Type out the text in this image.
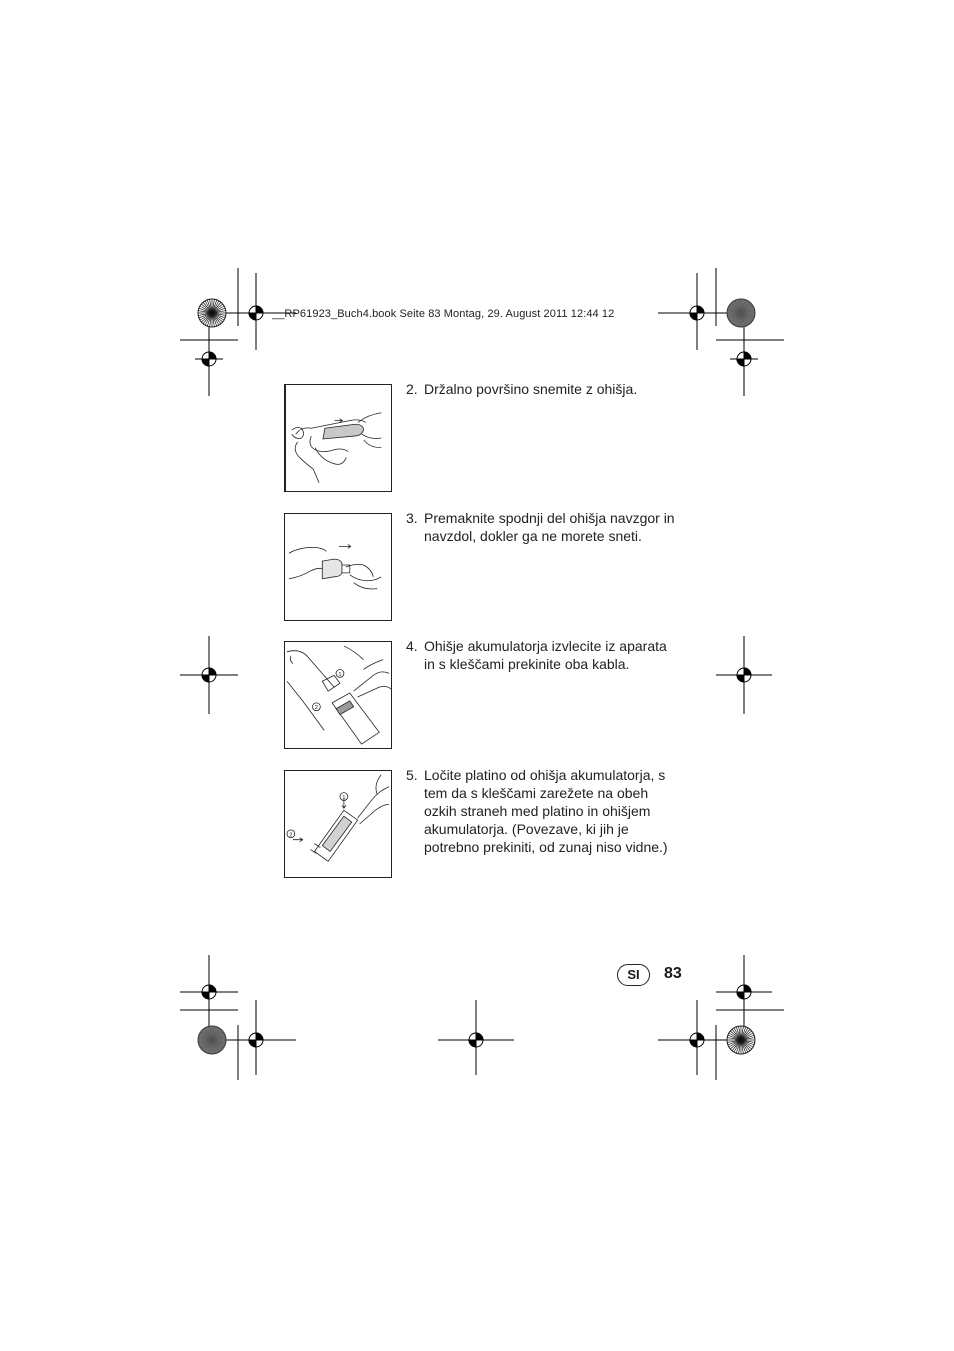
__RP61923_Buch4.book Seite 83 Montag, 29. August 2011 12:44 12
2. Držalno površino snemite z ohišja.
3. Premaknite spodnji del ohišja navzgor in
navzdol, dokler ga ne morete sneti.
1
2
4. Ohišje akumulatorja izvlecite iz aparata
in s kleščami prekinite oba kabla.
1
2
5. Ločite platino od ohišja akumulatorja, s
tem da s kleščami zarežete na obeh
ozkih straneh med platino in ohišjem
akumulatorja. (Povezave, ki jih je
potrebno prekiniti, od zunaj niso vidne.)
SI	83
